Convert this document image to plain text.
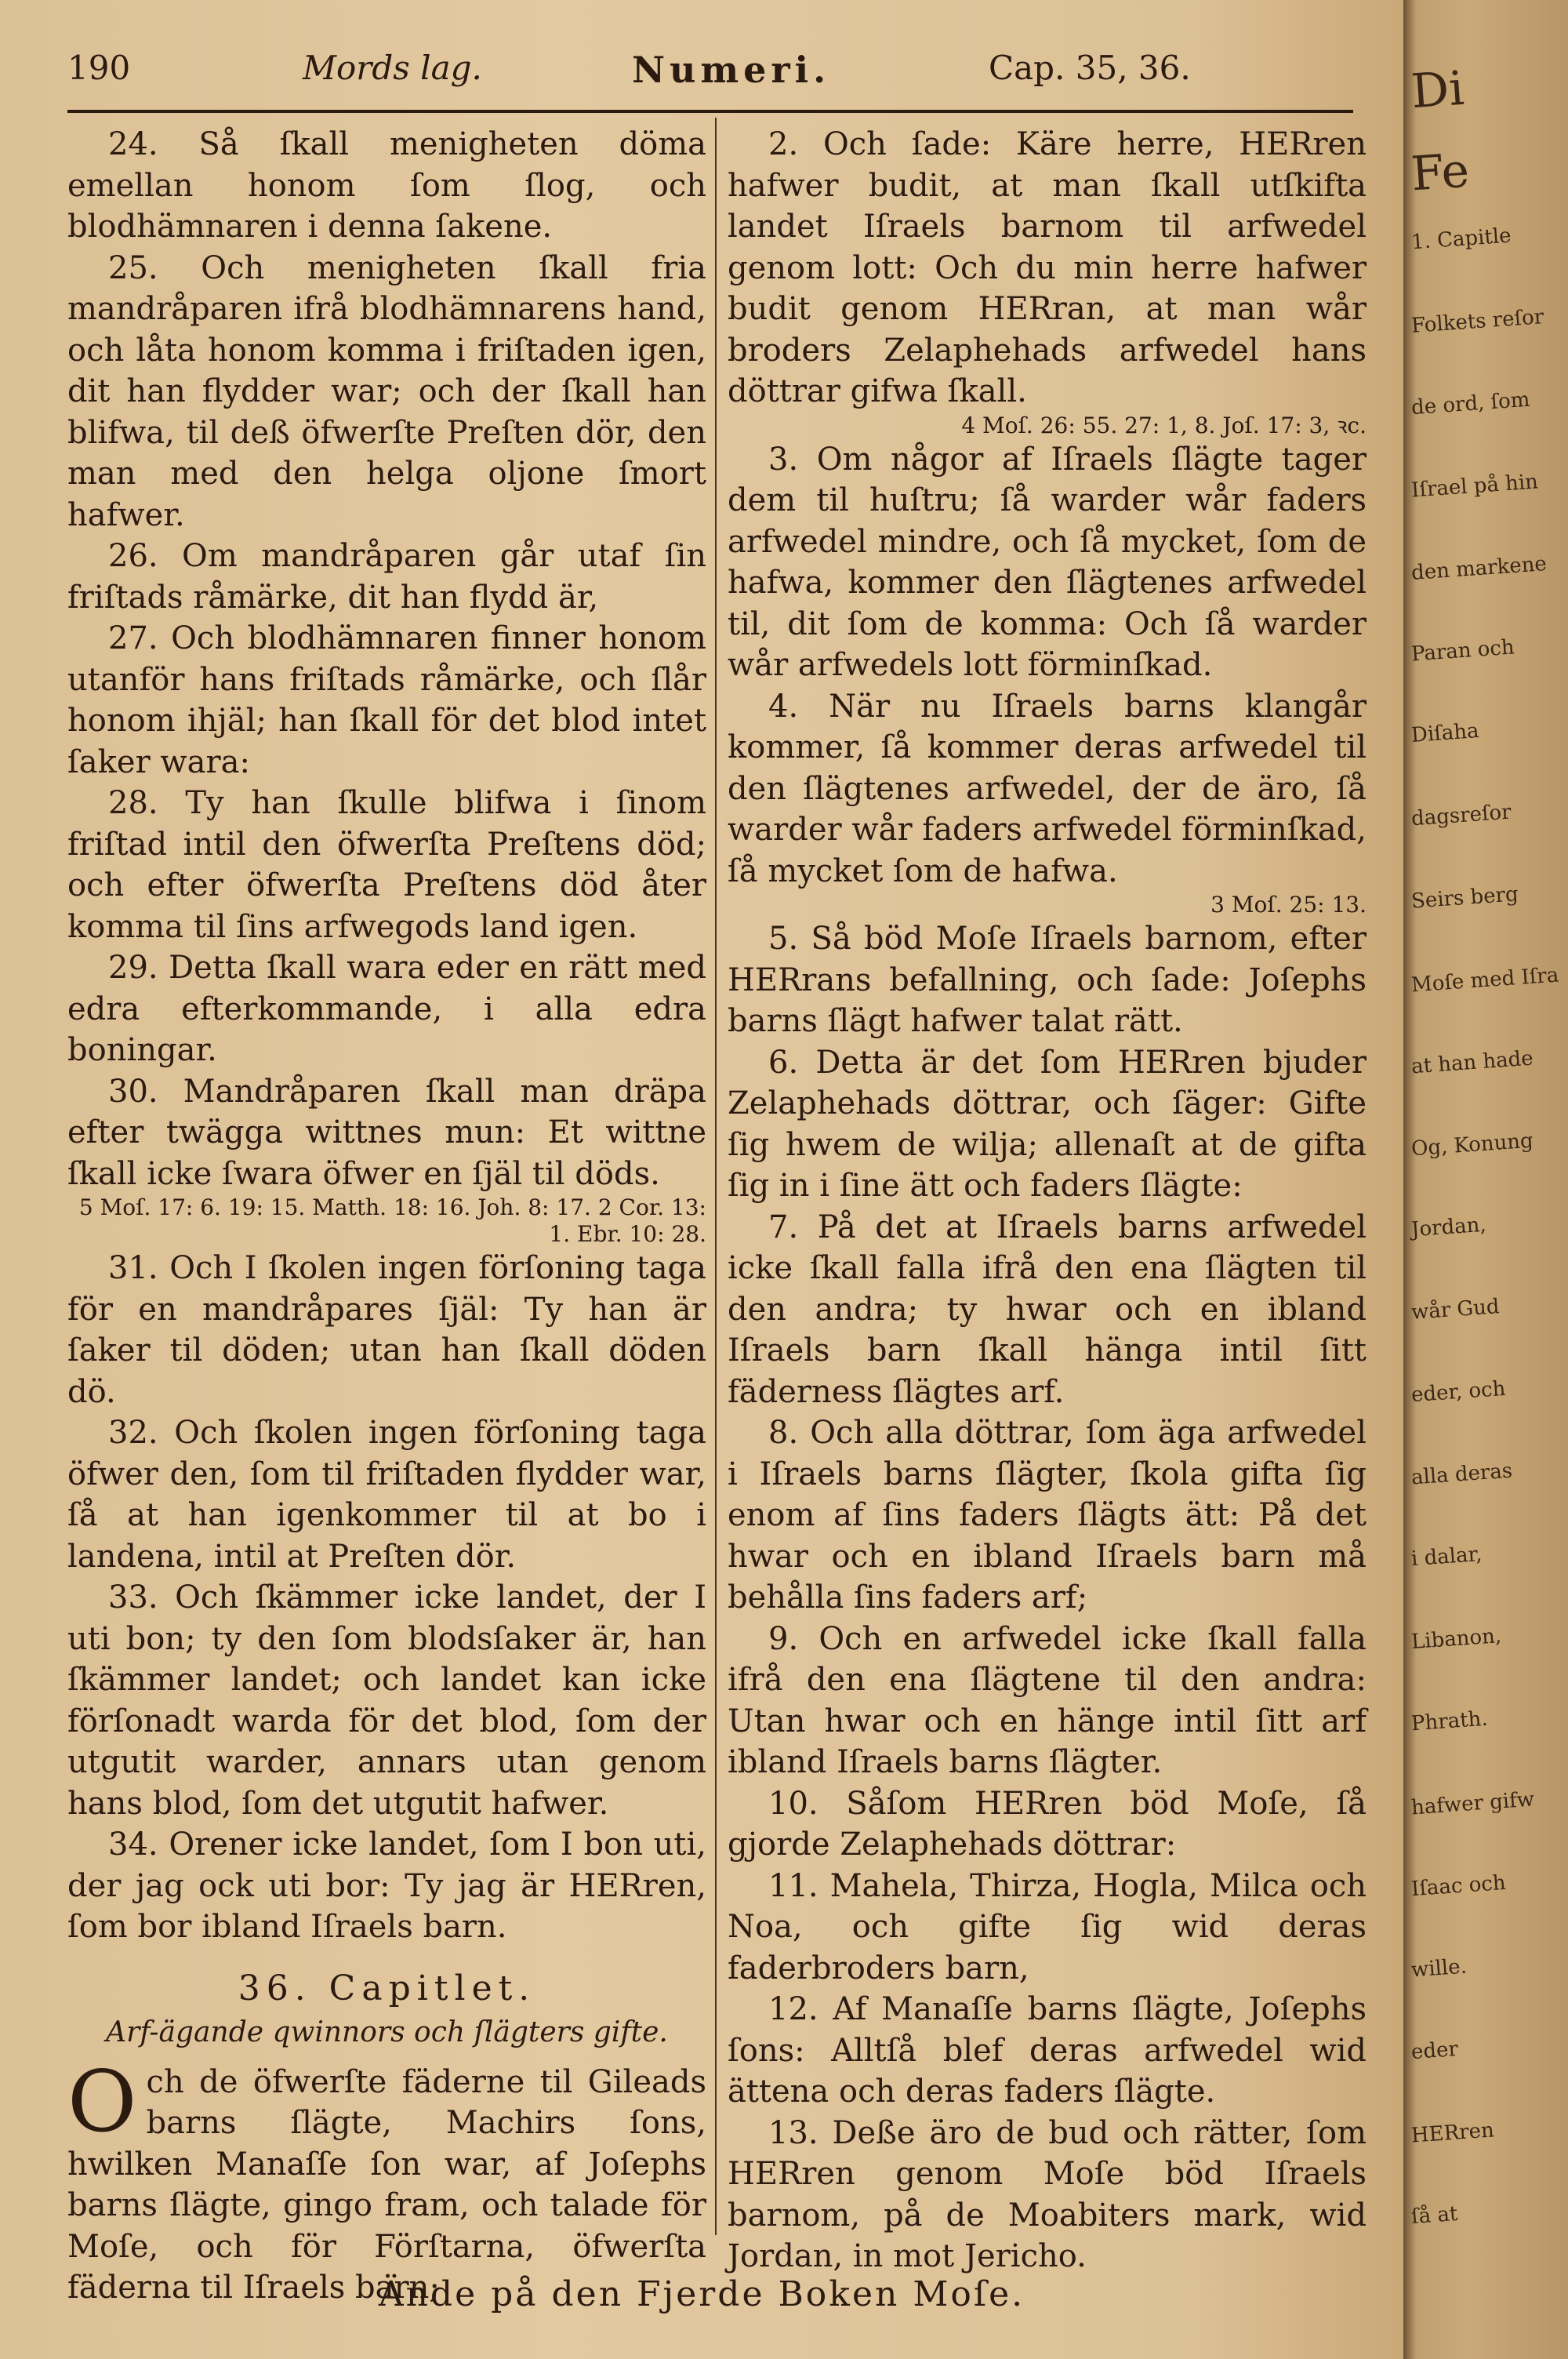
190	Mords lag.	Numeri.	Cap. 35, 36.

24. Så ſkall menigheten döma emellan honom ſom ſlog, och blodhämnaren i denna ſakene.

25. Och menigheten ſkall fria mandråparen ifrå blodhämnarens hand, och låta honom komma i friſtaden igen, dit han flydder war; och der ſkall han blifwa, til deß öfwerſte Preſten dör, den man med den helga oljone ſmort hafwer.

26. Om mandråparen går utaf ſin friſtads råmärke, dit han flydd är,

27. Och blodhämnaren finner honom utanför hans friſtads råmärke, och ſlår honom ihjäl; han ſkall för det blod intet ſaker wara:

28. Ty han ſkulle blifwa i ſinom friſtad intil den öfwerſta Preſtens död; och efter öfwerſta Preſtens död åter komma til ſins arfwegods land igen.

29. Detta ſkall wara eder en rätt med edra efterkommande, i alla edra boningar.

30. Mandråparen ſkall man dräpa efter twägga wittnes mun: Et wittne ſkall icke ſwara öfwer en ſjäl til döds.

5 Moſ. 17: 6. 19: 15. Matth. 18: 16. Joh. 8: 17. 2 Cor. 13: 1. Ebr. 10: 28.

31. Och I ſkolen ingen förſoning taga för en mandråpares ſjäl: Ty han är ſaker til döden; utan han ſkall döden dö.

32. Och ſkolen ingen förſoning taga öfwer den, ſom til friſtaden flydder war, ſå at han igenkommer til at bo i landena, intil at Preſten dör.

33. Och ſkämmer icke landet, der I uti bon; ty den ſom blodsſaker är, han ſkämmer landet; och landet kan icke förſonadt warda för det blod, ſom der utgutit warder, annars utan genom hans blod, ſom det utgutit hafwer.

34. Orener icke landet, ſom I bon uti, der jag ock uti bor: Ty jag är HERren, ſom bor ibland Iſraels barn.

36. Capitlet.
Arf-ägande qwinnors och ſlägters gifte.

Och de öfwerſte fäderne til Gileads barns ſlägte, Machirs ſons, hwilken Manaſſe ſon war, af Joſephs barns ſlägte, gingo fram, och talade för Moſe, och för Förſtarna, öfwerſta fäderna til Iſraels barn;

2. Och ſade: Käre herre, HERren hafwer budit, at man ſkall utſkifta landet Iſraels barnom til arfwedel genom lott: Och du min herre hafwer budit genom HERran, at man wår broders Zelaphehads arfwedel hans döttrar gifwa ſkall.

4 Moſ. 26: 55. 27: 1, 8. Joſ. 17: 3, ꝛc.

3. Om någor af Iſraels ſlägte tager dem til huſtru; ſå warder wår faders arfwedel mindre, och ſå mycket, ſom de hafwa, kommer den ſlägtenes arfwedel til, dit ſom de komma: Och ſå warder wår arfwedels lott förminſkad.

4. När nu Iſraels barns klangår kommer, ſå kommer deras arfwedel til den ſlägtenes arfwedel, der de äro, ſå warder wår faders arfwedel förminſkad, ſå mycket ſom de hafwa.

3 Moſ. 25: 13.

5. Så böd Moſe Iſraels barnom, efter HERrans befallning, och ſade: Joſephs barns ſlägt hafwer talat rätt.

6. Detta är det ſom HERren bjuder Zelaphehads döttrar, och ſäger: Gifte ſig hwem de wilja; allenaſt at de gifta ſig in i ſine ätt och faders ſlägte:

7. På det at Iſraels barns arfwedel icke ſkall falla ifrå den ena ſlägten til den andra; ty hwar och en ibland Iſraels barn ſkall hänga intil ſitt fäderness ſlägtes arf.

8. Och alla döttrar, ſom äga arfwedel i Iſraels barns ſlägter, ſkola gifta ſig enom af ſins faders ſlägts ätt: På det hwar och en ibland Iſraels barn må behålla ſins faders arf;

9. Och en arfwedel icke ſkall falla ifrå den ena ſlägtene til den andra: Utan hwar och en hänge intil ſitt arf ibland Iſraels barns ſlägter.

10. Såſom HERren böd Moſe, ſå gjorde Zelaphehads döttrar:

11. Mahela, Thirza, Hogla, Milca och Noa, och gifte ſig wid deras faderbroders barn,

12. Af Manaſſe barns ſlägte, Joſephs ſons: Alltſå blef deras arfwedel wid ättena och deras faders ſlägte.

13. Deße äro de bud och rätter, ſom HERren genom Moſe böd Iſraels barnom, på de Moabiters mark, wid Jordan, in mot Jericho.

Ände på den Fjerde Boken Moſe.
Di
Fe
1. Capitle
Folkets reſor
de ord, ſom
Iſrael på hin
den markene
Paran och
Diſaha
dagsreſor
Seirs berg
Moſe med Iſra
at han hade
Og, Konung
Jordan,
wår Gud
eder, och
alla deras
i dalar,
Libanon,
Phrath.
hafwer gifw
Iſaac och
wille.
eder
HERren
ſå at
